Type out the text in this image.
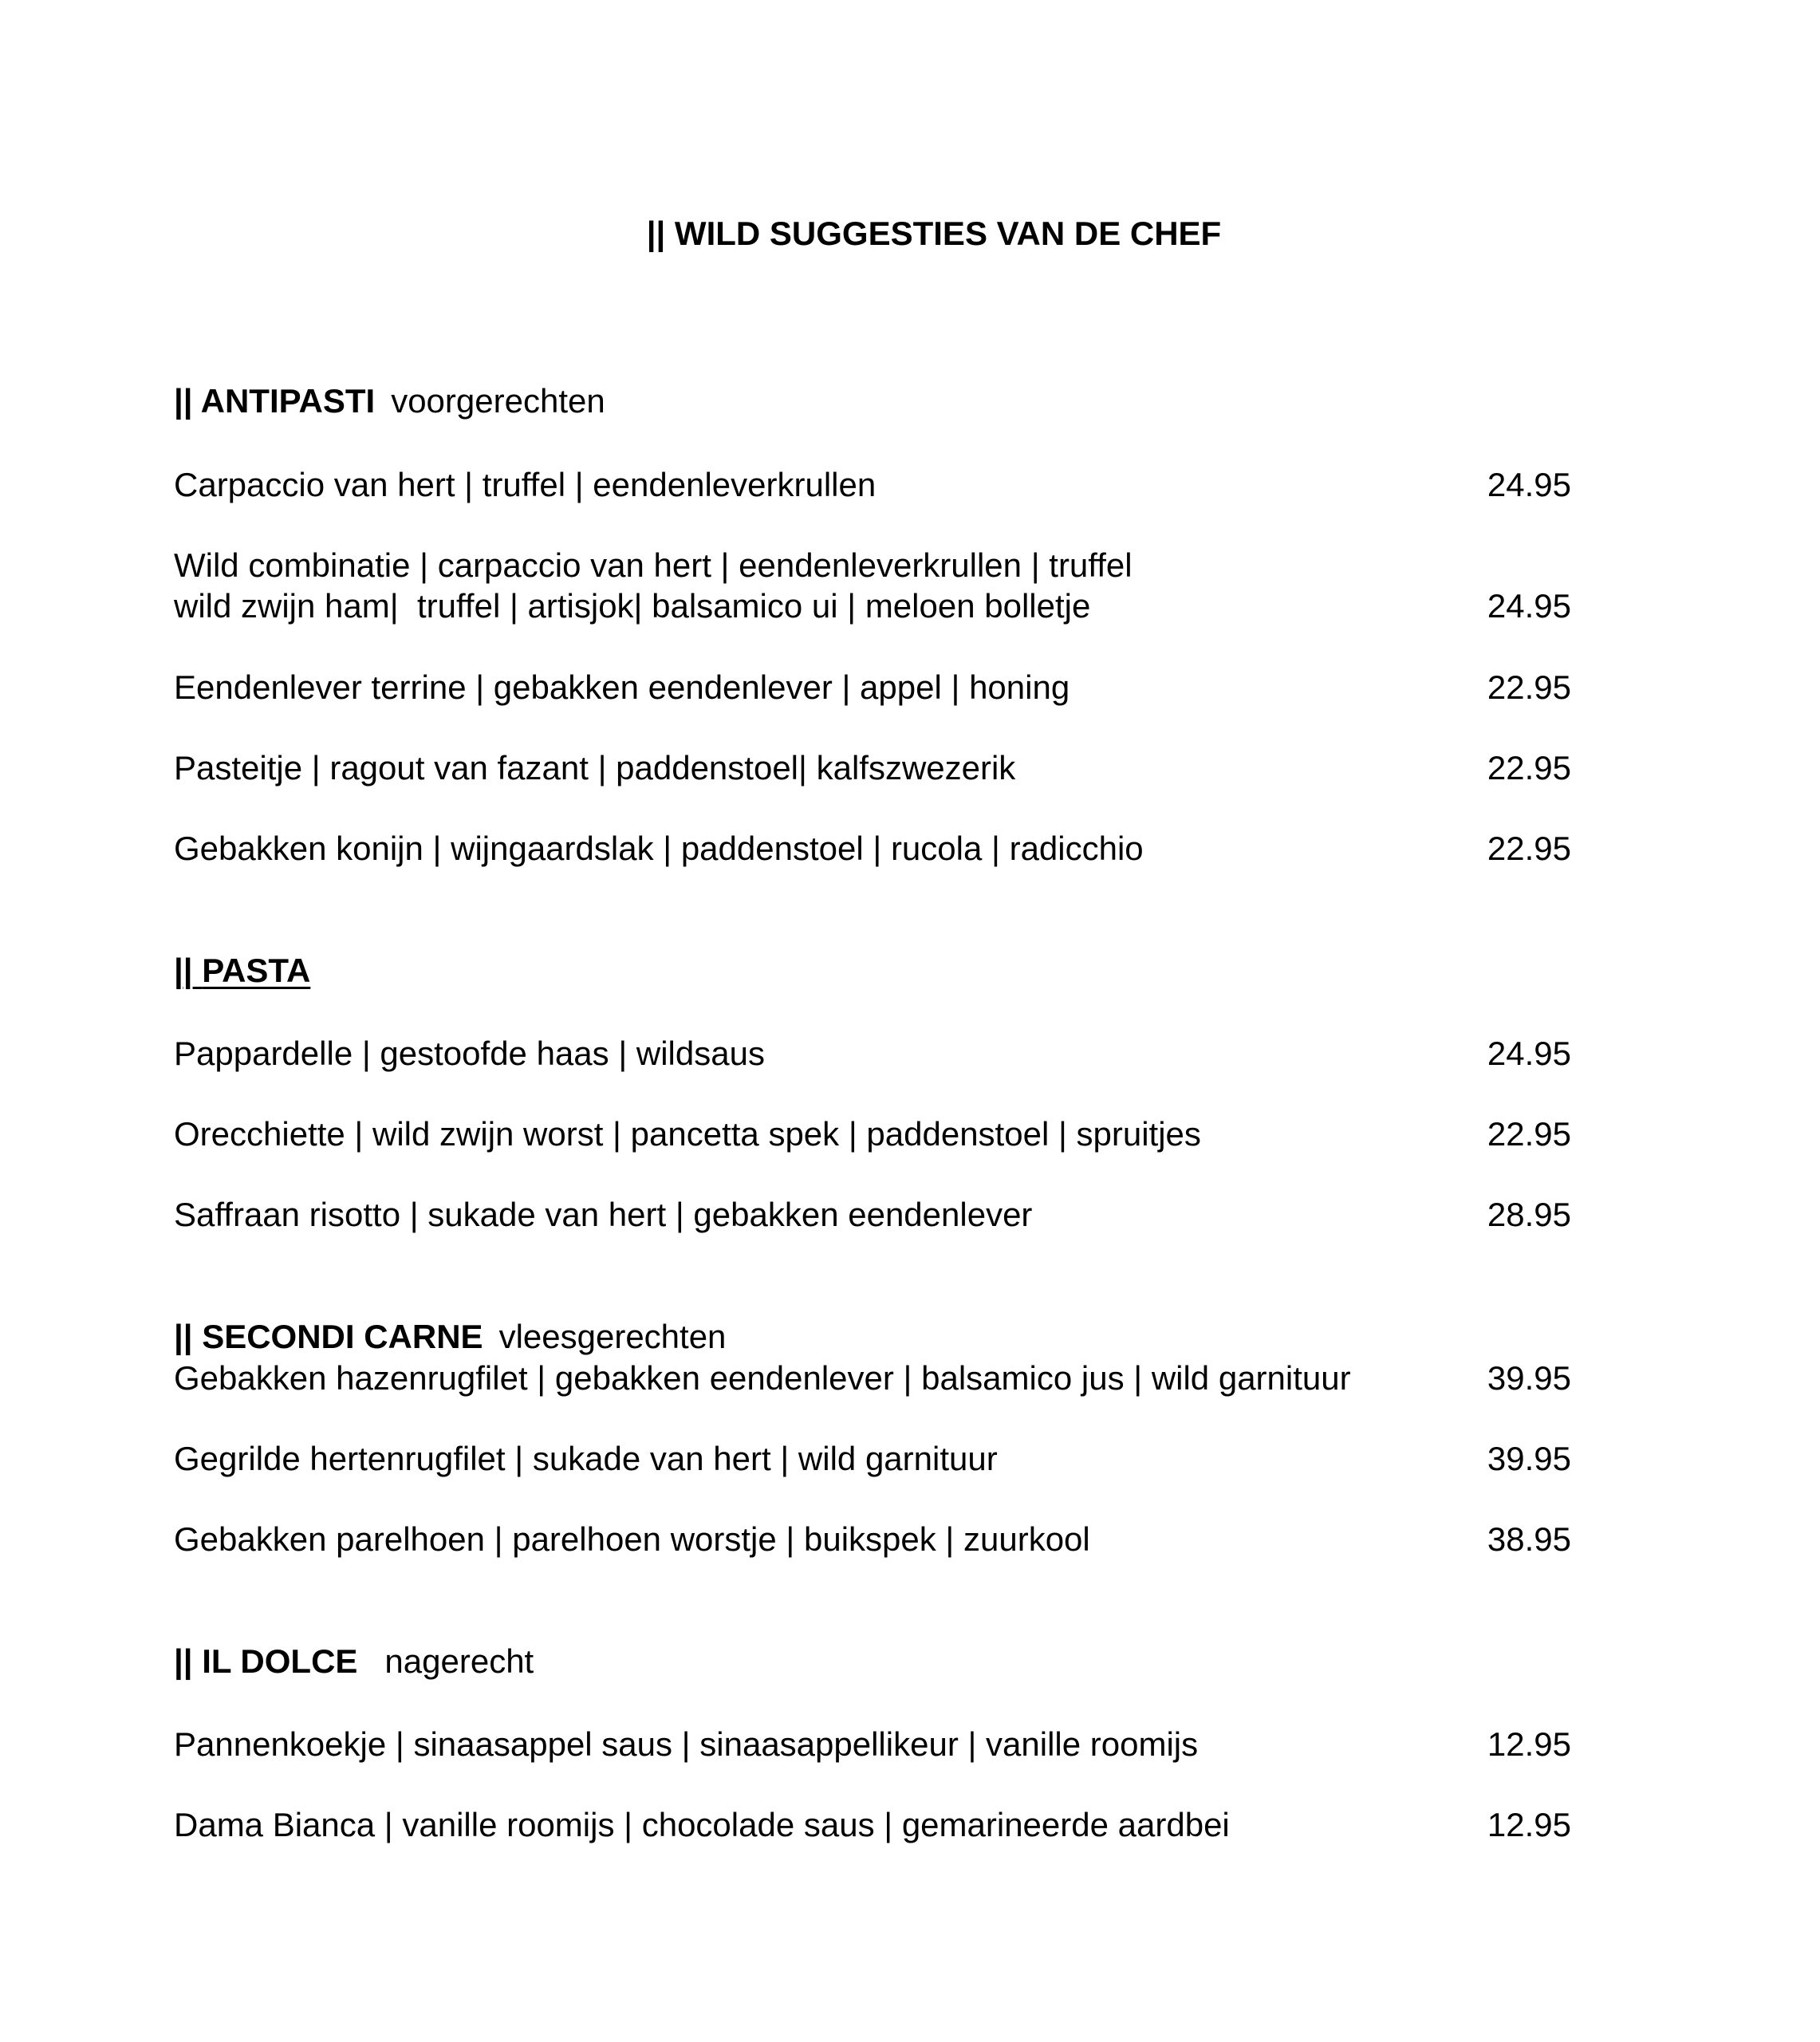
|| WILD SUGGESTIES VAN DE CHEF
|| ANTIPASTI voorgerechten
Carpaccio van hert | truffel | eendenleverkrullen	24.95
Wild combinatie | carpaccio van hert | eendenleverkrullen | truffel
wild zwijn ham|  truffel | artisjok| balsamico ui | meloen bolletje	24.95
Eendenlever terrine | gebakken eendenlever | appel | honing	22.95
Pasteitje | ragout van fazant | paddenstoel| kalfszwezerik	22.95
Gebakken konijn | wijngaardslak | paddenstoel | rucola | radicchio	22.95
|| PASTA
Pappardelle | gestoofde haas | wildsaus	24.95
Orecchiette | wild zwijn worst | pancetta spek | paddenstoel | spruitjes	22.95
Saffraan risotto | sukade van hert | gebakken eendenlever	28.95
|| SECONDI CARNE vleesgerechten
Gebakken hazenrugfilet | gebakken eendenlever | balsamico jus | wild garnituur	39.95
Gegrilde hertenrugfilet | sukade van hert | wild garnituur	39.95
Gebakken parelhoen | parelhoen worstje | buikspek | zuurkool	38.95
|| IL DOLCE nagerecht
Pannenkoekje | sinaasappel saus | sinaasappellikeur | vanille roomijs	12.95
Dama Bianca | vanille roomijs | chocolade saus | gemarineerde aardbei	12.95
